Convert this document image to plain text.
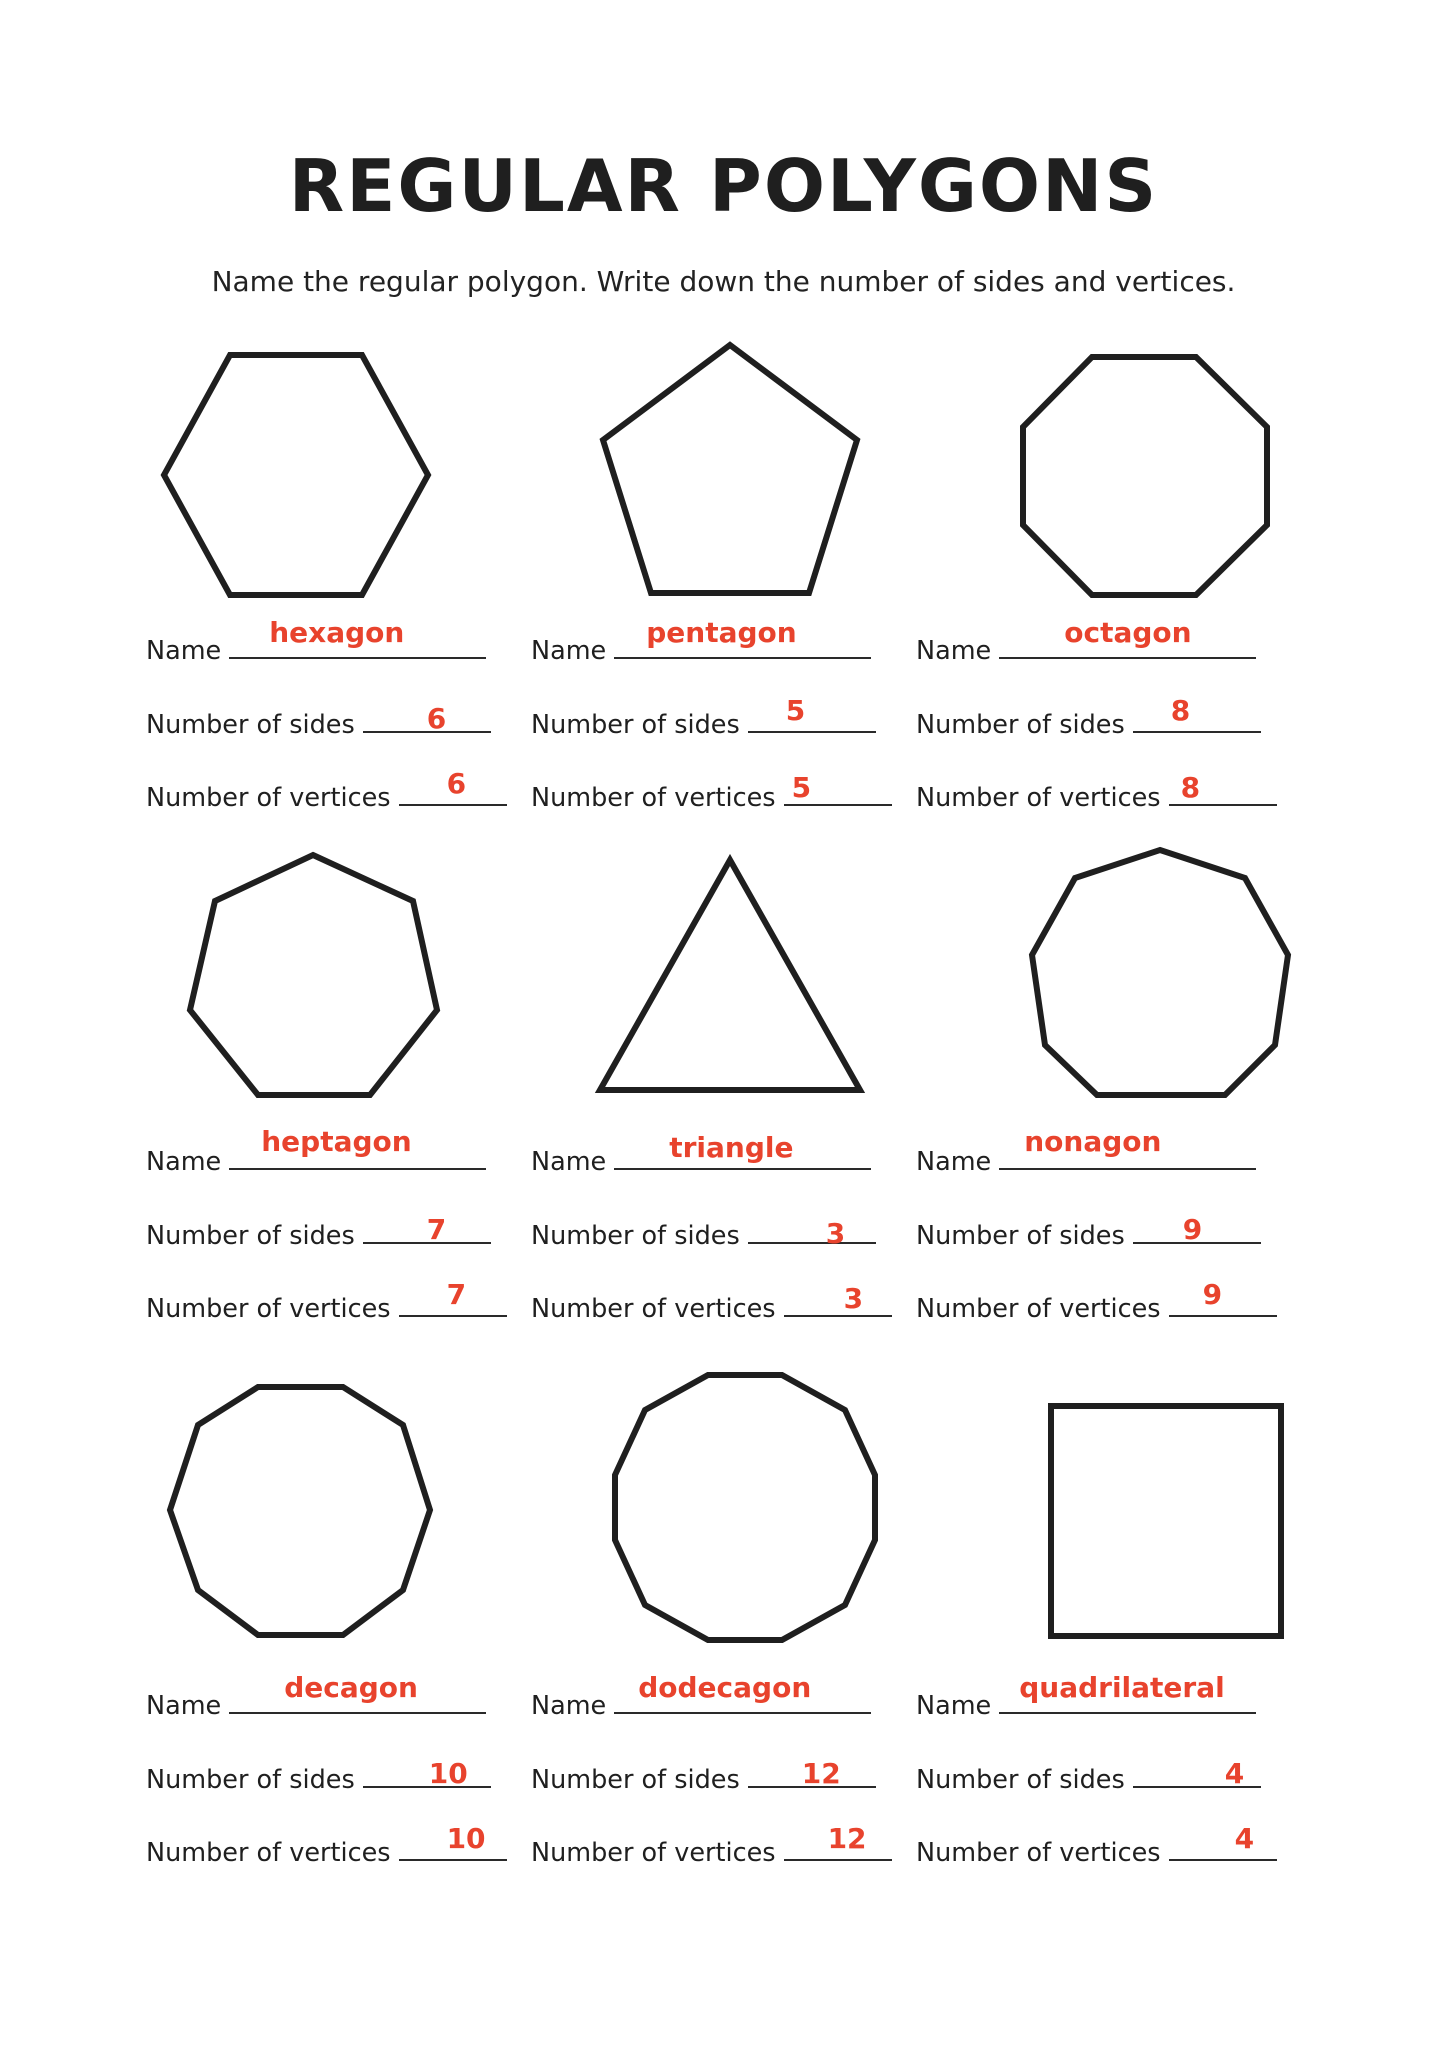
REGULAR POLYGONS
Name the regular polygon. Write down the number of sides and vertices.
Name
hexagon
Number of sides	6
Number of vertices 6
Name
pentagon
Number of sides 5
Number of vertices 5
Name
octagon
Number of sides 8
Number of vertices 8
Name
heptagon
Number of sides	7
Number of vertices 7
Name triangle
Number of sides	3
Number of vertices 3
Name
nonagon
Number of sides 9
Number of vertices 9
Name
decagon
Number of sides	10
Number of vertices 10
Name
dodecagon
Number of sides 12
Number of vertices 12
Name
quadrilateral
Number of sides	4
Number of vertices	4
